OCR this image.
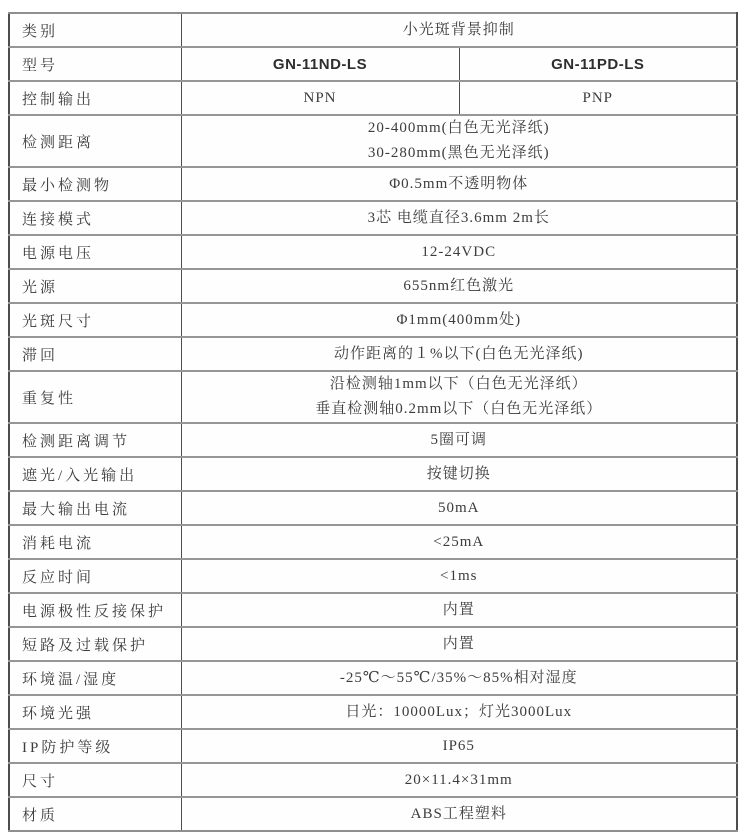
类别	小光斑背景抑制	

型号	GN-11ND-LS	GN-11PD-LS

控制输出	NPN	PNP

检测距离	20-400mm(白色无光泽纸)
30-280mm(黑色无光泽纸)	

最小检测物	Φ0.5mm不透明物体	

连接模式	3芯 电缆直径3.6mm 2m长	

电源电压	12-24VDC	

光源	655nm红色激光	

光斑尺寸	Φ1mm(400mm处)	

滞回	动作距离的１%以下(白色无光泽纸)	

重复性	沿检测轴1mm以下（白色无光泽纸）
垂直检测轴0.2mm以下（白色无光泽纸）	

检测距离调节	5圈可调	

遮光/入光输出	按键切换	

最大输出电流	50mA	

消耗电流	<25mA	

反应时间	<1ms	

电源极性反接保护	内置	

短路及过载保护	内置	

环境温/湿度	-25℃～55℃/35%～85%相对湿度	

环境光强	日光：10000Lux；灯光3000Lux	

IP防护等级	IP65	

尺寸	20×11.4×31mm	

材质	ABS工程塑料	
